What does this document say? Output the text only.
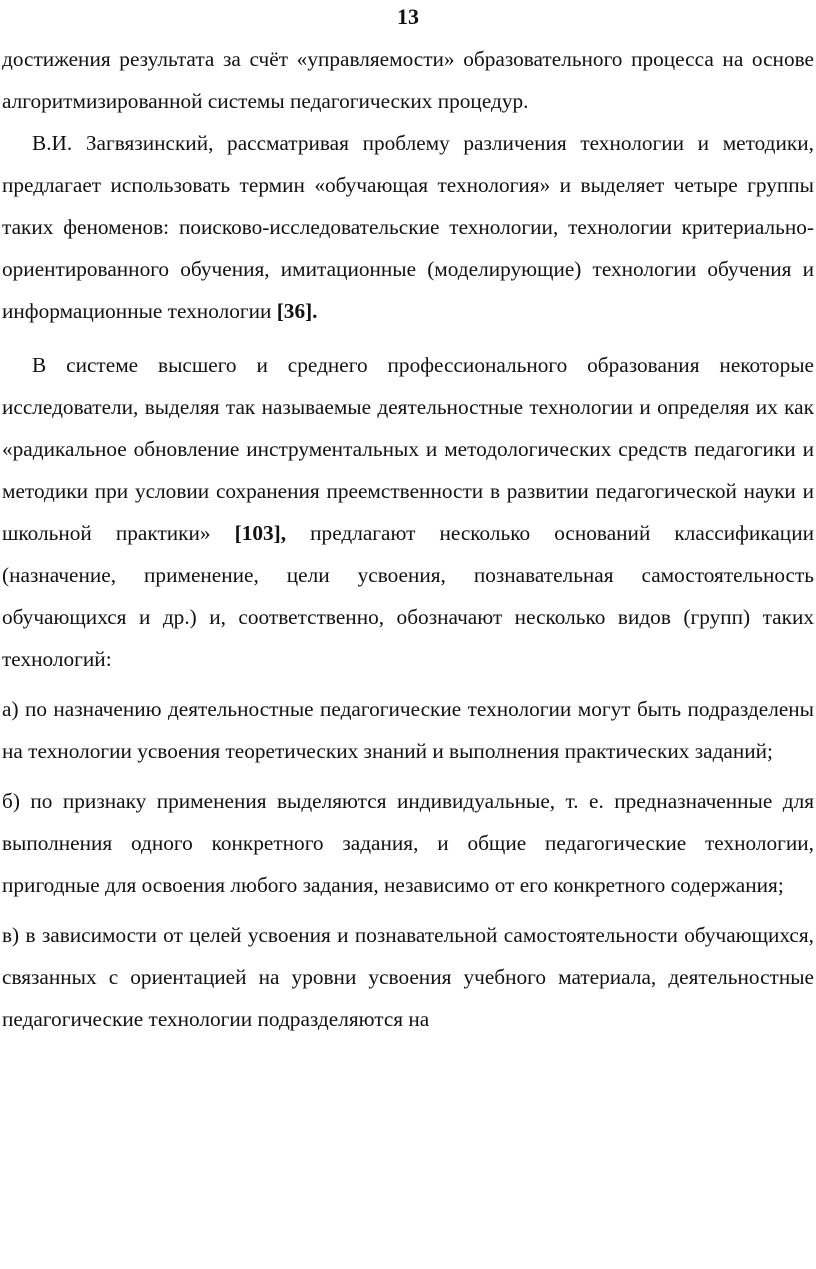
13

достижения результата за счёт «управляемости» образовательного процесса на основе алгоритмизированной системы педагогических процедур.

В.И. Загвязинский, рассматривая проблему различения технологии и методики, предлагает использовать термин «обучающая технология» и выделяет четыре группы таких феноменов: поисково-исследовательские технологии, технологии критериально-ориентированного обучения, имитационные (моделирующие) технологии обучения и информационные технологии [36].

В системе высшего и среднего профессионального образования некоторые исследователи, выделяя так называемые деятельностные технологии и определяя их как «радикальное обновление инструментальных и методологических средств педагогики и методики при условии сохранения преемственности в развитии педагогической науки и школьной практики» [103], предлагают несколько оснований классификации (назначение, применение, цели усвоения, познавательная самостоятельность обучающихся и др.) и, соответственно, обозначают несколько видов (групп) таких технологий:

а) по назначению деятельностные педагогические технологии могут быть подразделены на технологии усвоения теоретических знаний и выполнения практических заданий;

б) по признаку применения выделяются индивидуальные, т. е. предназначенные для выполнения одного конкретного задания, и общие педагогические технологии, пригодные для освоения любого задания, независимо от его конкретного содержания;

в) в зависимости от целей усвоения и познавательной самостоятельности обучающихся, связанных с ориентацией на уровни усвоения учебного материала, деятельностные педагогические технологии подразделяются на
